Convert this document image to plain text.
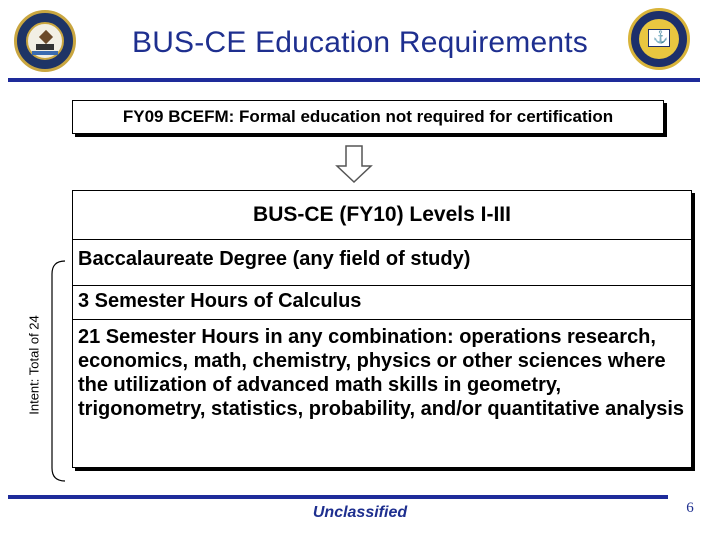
BUS-CE Education Requirements	⚓
FY09 BCEFM: Formal education not required for certification
BUS-CE (FY10) Levels I-III
Baccalaureate Degree (any field of study)
3 Semester Hours of Calculus
21 Semester Hours in any combination: operations research, economics, math, chemistry, physics or other sciences where the utilization of advanced math skills in geometry, trigonometry, statistics, probability, and/or quantitative analysis
Intent: Total of 24
Unclassified	6
